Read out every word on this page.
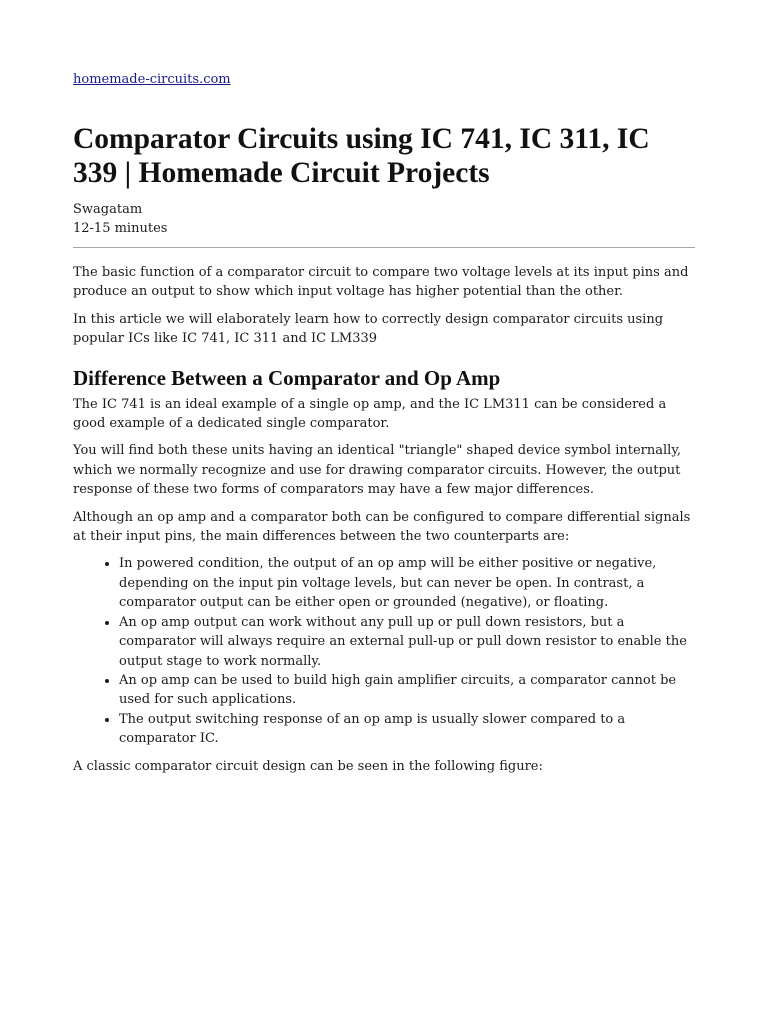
homemade-circuits.com
Comparator Circuits using IC 741, IC 311, IC 339 | Homemade Circuit Projects
Swagatam
12-15 minutes

The basic function of a comparator circuit to compare two voltage levels at its input pins and produce an output to show which input voltage has higher potential than the other.

In this article we will elaborately learn how to correctly design comparator circuits using popular ICs like IC 741, IC 311 and IC LM339

Difference Between a Comparator and Op Amp

The IC 741 is an ideal example of a single op amp, and the IC LM311 can be considered a good example of a dedicated single comparator.

You will find both these units having an identical "triangle" shaped device symbol internally, which we normally recognize and use for drawing comparator circuits. However, the output response of these two forms of comparators may have a few major differences.

Although an op amp and a comparator both can be configured to compare differential signals at their input pins, the main differences between the two counterparts are:

• In powered condition, the output of an op amp will be either positive or negative, depending on the input pin voltage levels, but can never be open. In contrast, a comparator output can be either open or grounded (negative), or floating.
• An op amp output can work without any pull up or pull down resistors, but a comparator will always require an external pull-up or pull down resistor to enable the output stage to work normally.
• An op amp can be used to build high gain amplifier circuits, a comparator cannot be used for such applications.
• The output switching response of an op amp is usually slower compared to a comparator IC.

A classic comparator circuit design can be seen in the following figure:
